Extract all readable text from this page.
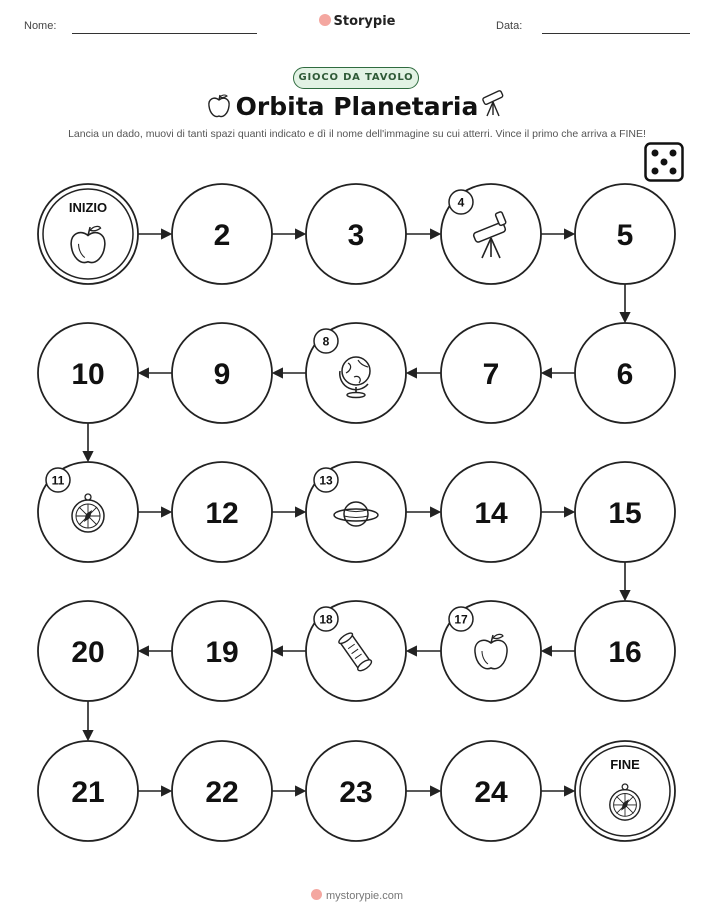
Nome:	Storypie	Data:
GIOCO DA TAVOLO
Orbita Planetaria
Lancia un dado, muovi di tanti spazi quanti indicato e dì il nome dell'immagine su cui atterri. Vince il primo che arriva a FINE!
INIZIO
2	3
4
5
6
7
8
9
10
11
12
13
14	15
16
17
18
19
20
21	22	23	24
FINE
mystorypie.com
